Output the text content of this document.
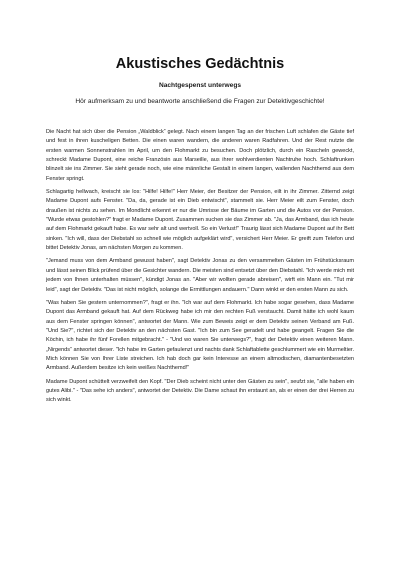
Akustisches Gedächtnis
Nachtgespenst unterwegs
Hör aufmerksam zu und beantworte anschließend die Fragen zur Detektivgeschichte!

Die Nacht hat sich über die Pension „Waldblick“ gelegt. Nach einem langen Tag an der frischen Luft schlafen die Gäste tief und fest in ihren kuscheligen Betten. Die einen waren wandern, die anderen waren Radfahren. Und der Rest nutzte die ersten warmen Sonnenstrahlen im April, um den Flohmarkt zu besuchen. Doch plötzlich, durch ein Rascheln geweckt, schreckt Madame Dupont, eine reiche Französin aus Marseille, aus ihrer wohlverdienten Nachtruhe hoch. Schlaftrunken blinzelt sie ins Zimmer. Sie sieht gerade noch, wie eine männliche Gestalt in einem langen, wallenden Nachthemd aus dem Fenster springt.

Schlagartig hellwach, kreischt sie los: "Hilfe! Hilfe!" Herr Meier, der Besitzer der Pension, eilt in ihr Zimmer. Zitternd zeigt Madame Dupont aufs Fenster. "Da, da, gerade ist ein Dieb entwischt", stammelt sie. Herr Meier eilt zum Fenster, doch draußen ist nichts zu sehen. Im Mondlicht erkennt er nur die Umrisse der Bäume im Garten und die Autos vor der Pension. "Wurde etwas gestohlen?" fragt er Madame Dupont. Zusammen suchen sie das Zimmer ab. "Ja, das Armband, das ich heute auf dem Flohmarkt gekauft habe. Es war sehr alt und wertvoll. So ein Verlust!" Traurig lässt sich Madame Dupont auf ihr Bett sinken. "Ich will, dass der Diebstahl so schnell wie möglich aufgeklärt wird", versichert Herr Meier. Er greift zum Telefon und bittet Detektiv Jonas, am nächsten Morgen zu kommen.

"Jemand muss von dem Armband gewusst haben", sagt Detektiv Jonas zu den versammelten Gästen im Frühstücksraum und lässt seinen Blick prüfend über die Gesichter wandern. Die meisten sind entsetzt über den Diebstahl. "Ich werde mich mit jedem von Ihnen unterhalten müssen", kündigt Jonas an. "Aber wir wollten gerade abreisen", wirft ein Mann ein. "Tut mir leid", sagt der Detektiv. "Das ist nicht möglich, solange die Ermittlungen andauern." Dann winkt er den ersten Mann zu sich.

"Was haben Sie gestern unternommen?", fragt er ihn. "Ich war auf dem Flohmarkt. Ich habe sogar gesehen, dass Madame Dupont das Armband gekauft hat. Auf dem Rückweg habe ich mir den rechten Fuß verstaucht. Damit hätte ich wohl kaum aus dem Fenster springen können", antwortet der Mann. Wie zum Beweis zeigt er dem Detektiv seinen Verband am Fuß. "Und Sie?", richtet sich der Detektiv an den nächsten Gast. "Ich bin zum See geradelt und habe geangelt. Fragen Sie die Köchin, ich habe ihr fünf Forellen mitgebracht." - "Und wo waren Sie unterwegs?", fragt der Detektiv einen weiteren Mann. „Nirgends“ antwortet dieser. "Ich habe im Garten gefaulenzt und nachts dank Schlaftablette geschlummert wie ein Murmeltier. Mich können Sie von Ihrer Liste streichen. Ich hab doch gar kein Interesse an einem altmodischen, diamantenbesetzten Armband. Außerdem besitze ich kein weißes Nachthemd!"

Madame Dupont schüttelt verzweifelt den Kopf. "Der Dieb scheint nicht unter den Gästen zu sein", seufzt sie, "alle haben ein gutes Alibi." - "Das sehe ich anders", antwortet der Detektiv. Die Dame schaut ihn erstaunt an, als er einen der drei Herren zu sich winkt.
